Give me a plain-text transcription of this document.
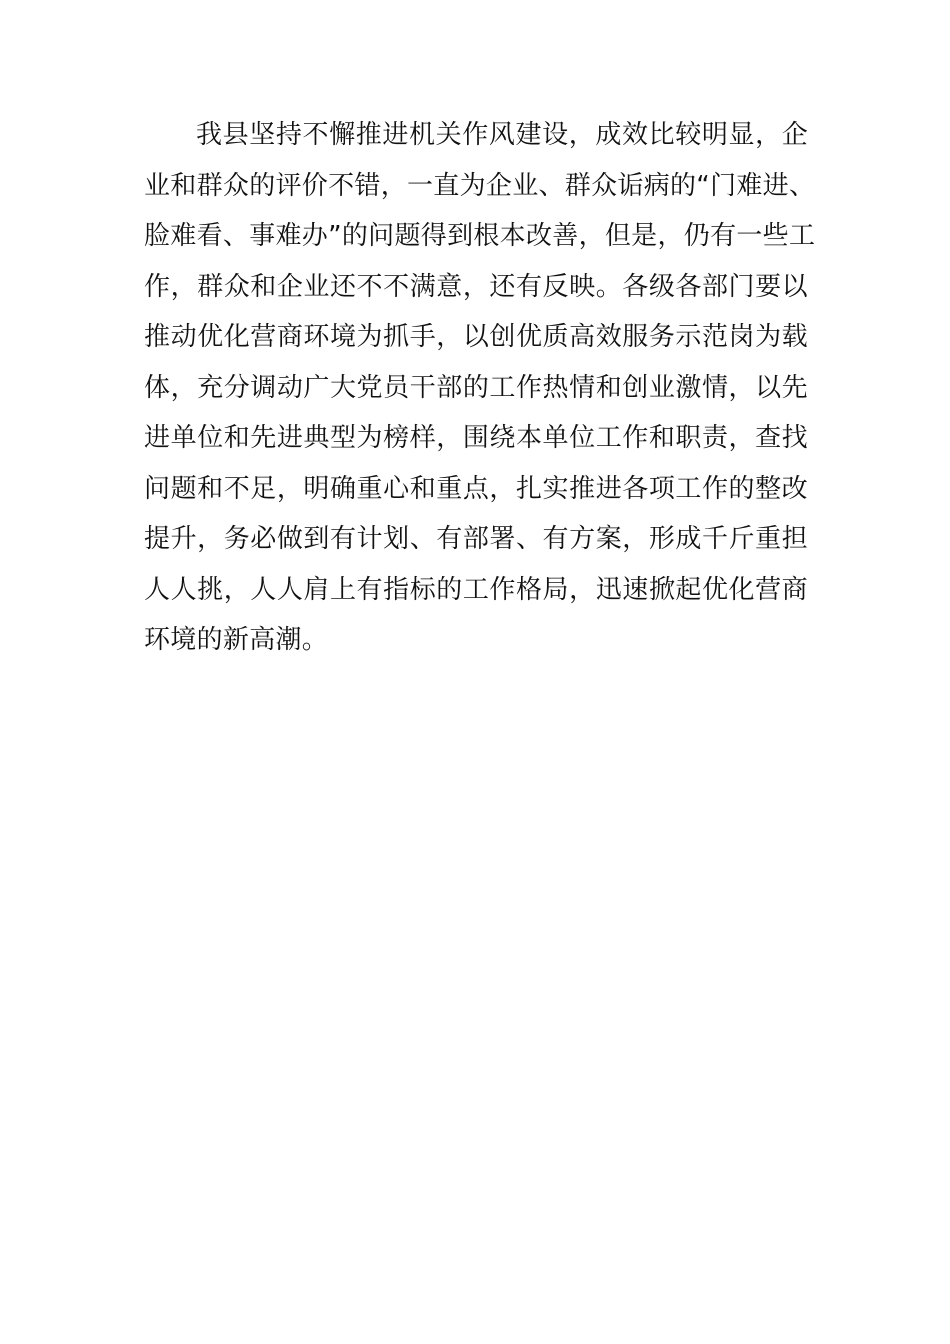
我县坚持不懈推进机关作风建设，成效比较明显，企
业和群众的评价不错，一直为企业、群众诟病的“门难进、
脸难看、事难办”的问题得到根本改善，但是，仍有一些工
作，群众和企业还不不满意，还有反映。各级各部门要以
推动优化营商环境为抓手，以创优质高效服务示范岗为载
体，充分调动广大党员干部的工作热情和创业激情，以先
进单位和先进典型为榜样，围绕本单位工作和职责，查找
问题和不足，明确重心和重点，扎实推进各项工作的整改
提升，务必做到有计划、有部署、有方案，形成千斤重担
人人挑，人人肩上有指标的工作格局，迅速掀起优化营商
环境的新高潮。
